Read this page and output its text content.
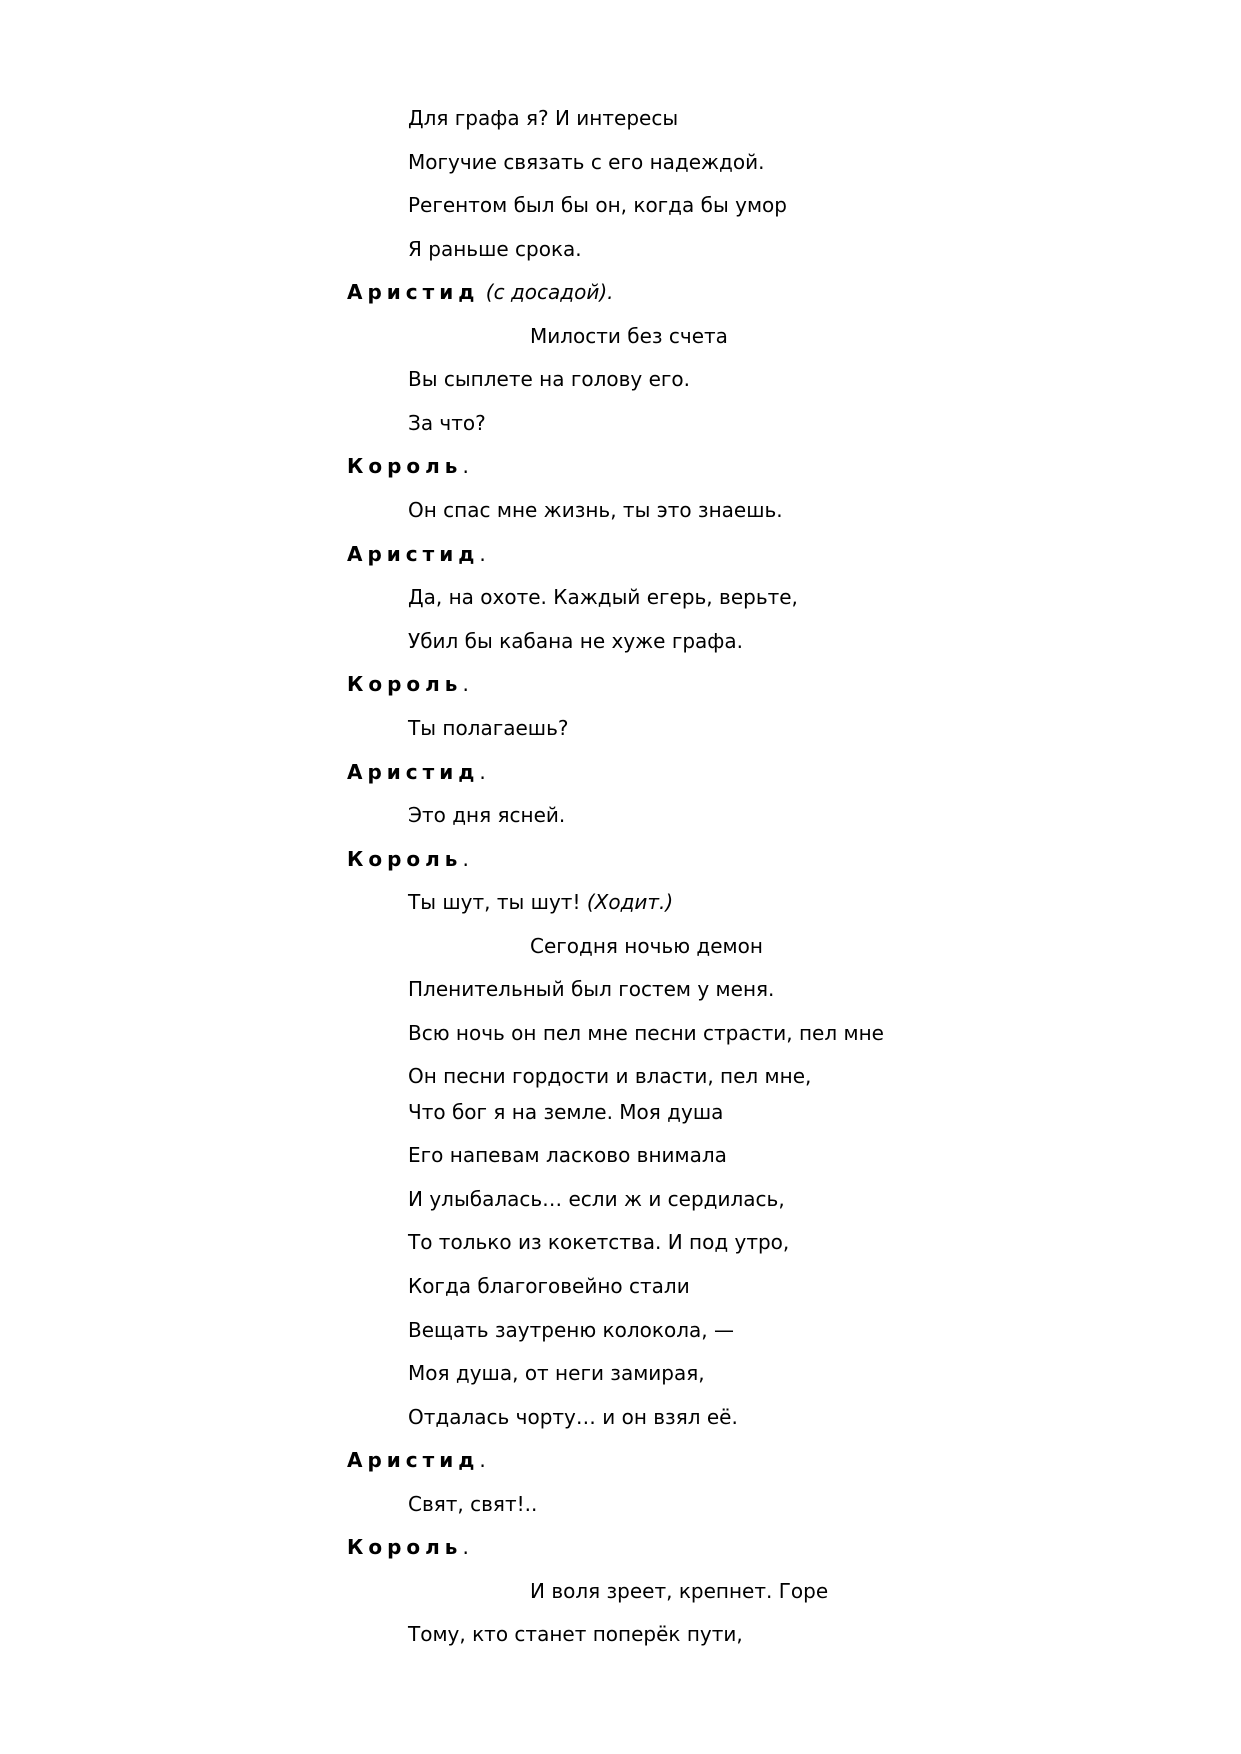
Для графа я? И интересы
Могучие связать с его надеждой.
Регентом был бы он, когда бы умор
Я раньше срока.
Аристид (с досадой).
Милости без счета
Вы сыплете на голову его.
За что?
Король.
Он спас мне жизнь, ты это знаешь.
Аристид.
Да, на охоте. Каждый егерь, верьте,
Убил бы кабана не хуже графа.
Король.
Ты полагаешь?
Аристид.
Это дня ясней.
Король.
Ты шут, ты шут! (Ходит.)
Сегодня ночью демон
Пленительный был гостем у меня.
Всю ночь он пел мне песни страсти, пел мне
Он песни гордости и власти, пел мне,
Что бог я на земле. Моя душа
Его напевам ласково внимала
И улыбалась… если ж и сердилась,
То только из кокетства. И под утро,
Когда благоговейно стали
Вещать заутреню колокола, —
Моя душа, от неги замирая,
Отдалась чорту… и он взял её.
Аристид.
Свят, свят!..
Король.
И воля зреет, крепнет. Горе
Тому, кто станет поперёк пути,
